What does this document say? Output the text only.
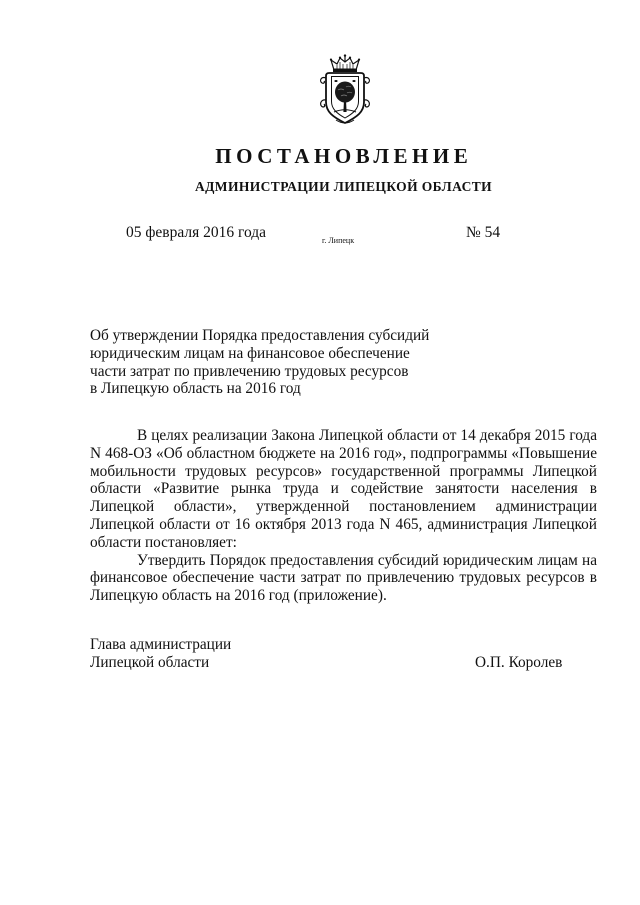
ПОСТАНОВЛЕНИЕ
АДМИНИСТРАЦИИ ЛИПЕЦКОЙ ОБЛАСТИ
05 февраля 2016 года	г. Липецк	№ 54
Об утверждении Порядка предоставления субсидий
юридическим лицам на финансовое обеспечение
части затрат по привлечению трудовых ресурсов
в Липецкую область на 2016 год
В целях реализации Закона Липецкой области от 14 декабря 2015 года
N 468-ОЗ «Об областном бюджете на 2016 год», подпрограммы «Повышение
мобильности трудовых ресурсов» государственной программы Липецкой
области «Развитие рынка труда и содействие занятости населения в
Липецкой области», утвержденной постановлением администрации
Липецкой области от 16 октября 2013 года N 465, администрация Липецкой
области постановляет:
Утвердить Порядок предоставления субсидий юридическим лицам на
финансовое обеспечение части затрат по привлечению трудовых ресурсов в
Липецкую область на 2016 год (приложение).
Глава администрации
Липецкой области	О.П. Королев
